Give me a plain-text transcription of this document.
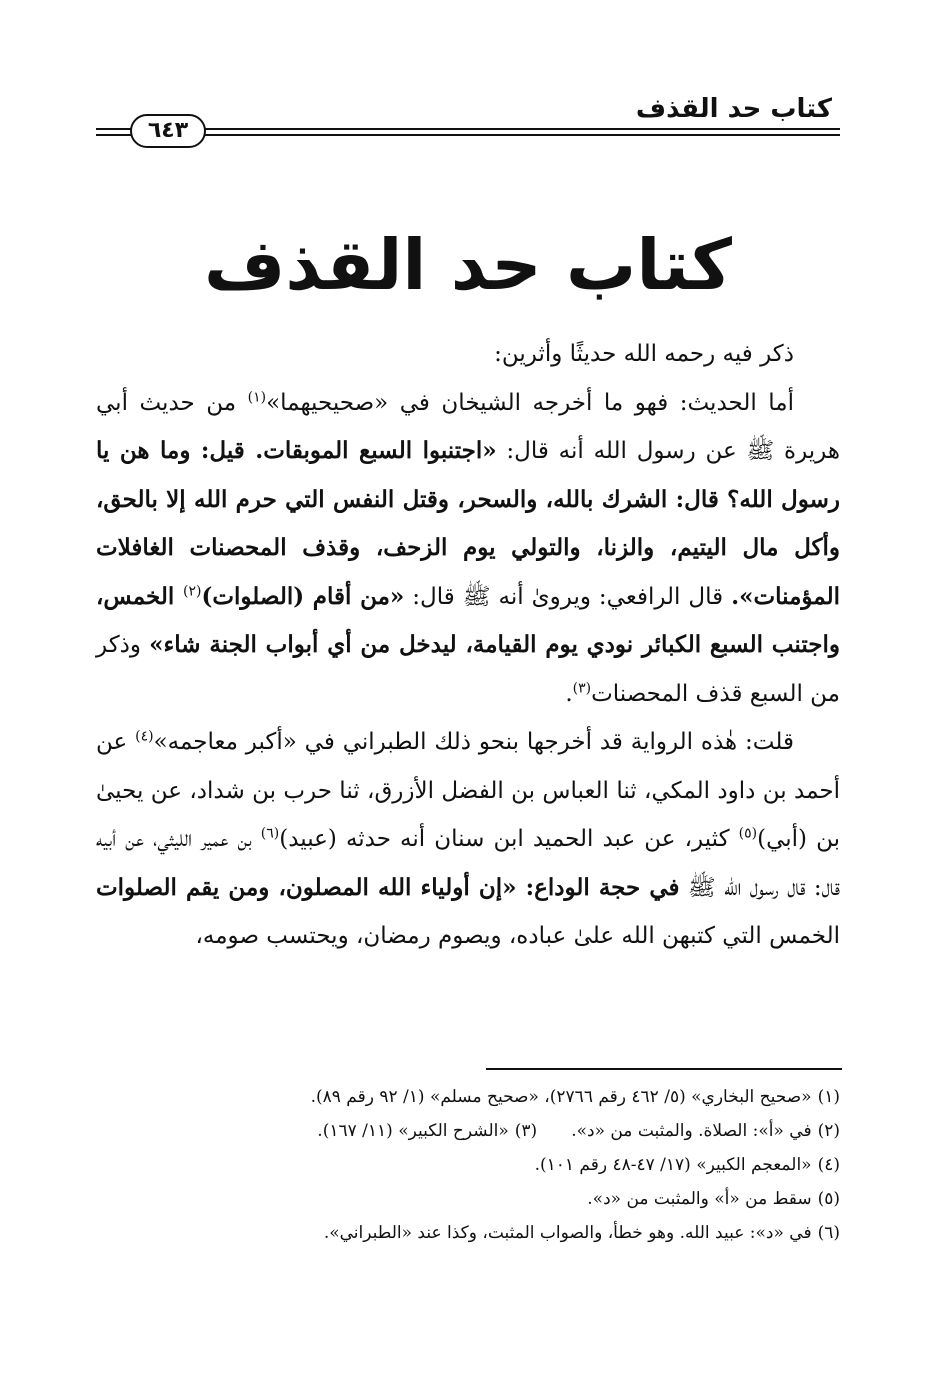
كتاب حد القذف
٦٤٣
كتاب حد القذف

ذكر فيه رحمه الله حديثًا وأثرين:

أما الحديث: فهو ما أخرجه الشيخان في «صحيحيهما»$^{(١)}$ من حديث أبي هريرة ﷺ عن رسول الله أنه قال: «اجتنبوا السبع الموبقات. قيل: وما هن يا رسول الله؟ قال: الشرك بالله، والسحر، وقتل النفس التي حرم الله إلا بالحق، وأكل مال اليتيم، والزنا، والتولي يوم الزحف، وقذف المحصنات الغافلات المؤمنات». قال الرافعي: ويروىٰ أنه ﷺ قال: «من أقام (الصلوات)$^{(٢)}$ الخمس، واجتنب السبع الكبائر نودي يوم القيامة، ليدخل من أي أبواب الجنة شاء» وذكر من السبع قذف المحصنات$^{(٣)}$.

قلت: هٰذه الرواية قد أخرجها بنحو ذلك الطبراني في «أكبر معاجمه»$^{(٤)}$ عن أحمد بن داود المكي، ثنا العباس بن الفضل الأزرق، ثنا حرب بن شداد، عن يحيىٰ بن (أبي)$^{(٥)}$ كثير، عن عبد الحميد ابن سنان أنه حدثه (عبيد)$^{(٦)}$ بن عمير الليثي، عن أبيه قال: قال رسول الله ﷺ في حجة الوداع: «إن أولياء الله المصلون، ومن يقم الصلوات الخمس التي كتبهن الله علىٰ عباده، ويصوم رمضان، ويحتسب صومه،

(١)«صحيح البخاري» (٥/ ٤٦٢ رقم ٢٧٦٦)، «صحيح مسلم» (١/ ٩٢ رقم ٨٩).

(٢)في «أ»: الصلاة. والمثبت من «د».(٣)«الشرح الكبير» (١١/ ١٦٧).

(٤)«المعجم الكبير» (١٧/ ٤٧-٤٨ رقم ١٠١).

(٥)سقط من «أ» والمثبت من «د».

(٦)في «د»: عبيد الله. وهو خطأ، والصواب المثبت، وكذا عند «الطبراني».
